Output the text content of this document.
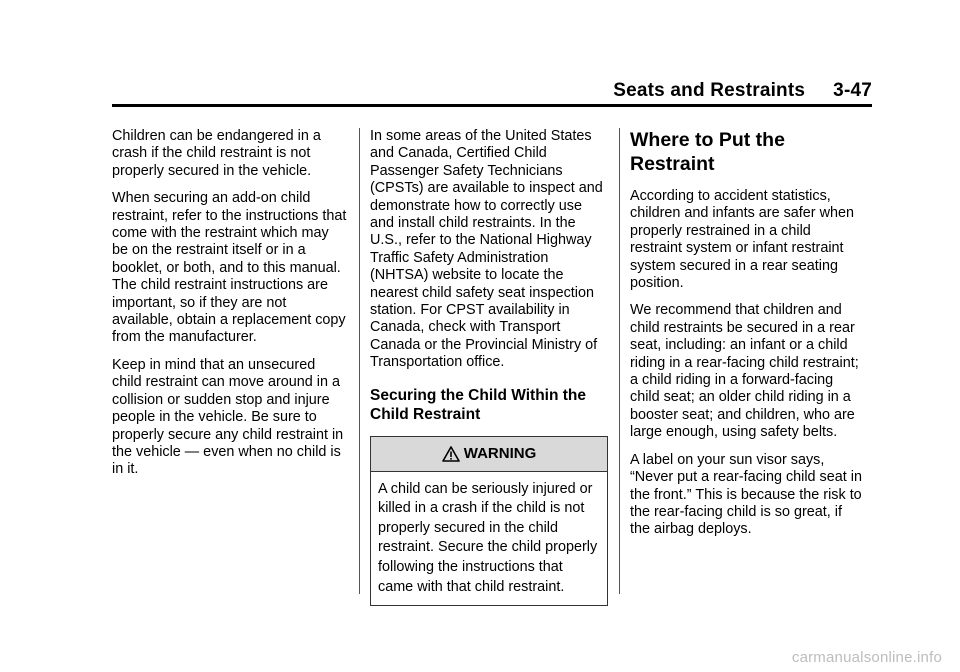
Seats and Restraints 3-47

Children can be endangered in a crash if the child restraint is not properly secured in the vehicle.

When securing an add-on child restraint, refer to the instructions that come with the restraint which may be on the restraint itself or in a booklet, or both, and to this manual. The child restraint instructions are important, so if they are not available, obtain a replacement copy from the manufacturer.

Keep in mind that an unsecured child restraint can move around in a collision or sudden stop and injure people in the vehicle. Be sure to properly secure any child restraint in the vehicle — even when no child is in it.

In some areas of the United States and Canada, Certified Child Passenger Safety Technicians (CPSTs) are available to inspect and demonstrate how to correctly use and install child restraints. In the U.S., refer to the National Highway Traffic Safety Administration (NHTSA) website to locate the nearest child safety seat inspection station. For CPST availability in Canada, check with Transport Canada or the Provincial Ministry of Transportation office.

Securing the Child Within the Child Restraint
WARNING
A child can be seriously injured or killed in a crash if the child is not properly secured in the child restraint. Secure the child properly following the instructions that came with that child restraint.
Where to Put the Restraint

According to accident statistics, children and infants are safer when properly restrained in a child restraint system or infant restraint system secured in a rear seating position.

We recommend that children and child restraints be secured in a rear seat, including: an infant or a child riding in a rear-facing child restraint; a child riding in a forward-facing child seat; an older child riding in a booster seat; and children, who are large enough, using safety belts.

A label on your sun visor says, “Never put a rear-facing child seat in the front.” This is because the risk to the rear-facing child is so great, if the airbag deploys.

carmanualsonline.info
